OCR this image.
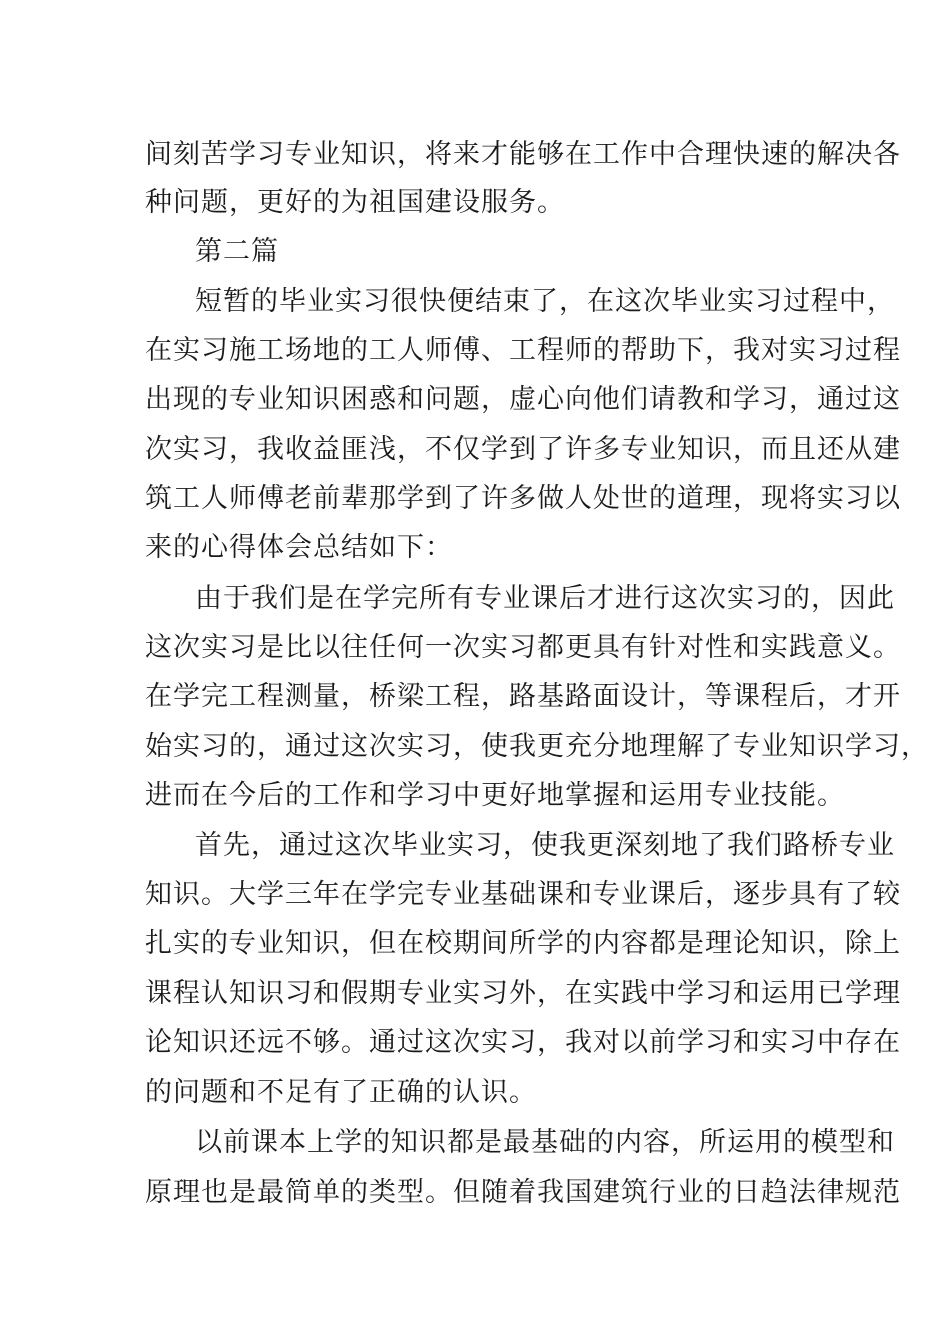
间刻苦学习专业知识，将来才能够在工作中合理快速的解决各
种问题，更好的为祖国建设服务。
第二篇
短暂的毕业实习很快便结束了，在这次毕业实习过程中，
在实习施工场地的工人师傅、工程师的帮助下，我对实习过程
出现的专业知识困惑和问题，虚心向他们请教和学习，通过这
次实习，我收益匪浅，不仅学到了许多专业知识，而且还从建
筑工人师傅老前辈那学到了许多做人处世的道理，现将实习以
来的心得体会总结如下：
由于我们是在学完所有专业课后才进行这次实习的，因此
这次实习是比以往任何一次实习都更具有针对性和实践意义。
在学完工程测量，桥梁工程，路基路面设计，等课程后，才开
始实习的，通过这次实习，使我更充分地理解了专业知识学习，
进而在今后的工作和学习中更好地掌握和运用专业技能。
首先，通过这次毕业实习，使我更深刻地了我们路桥专业
知识。大学三年在学完专业基础课和专业课后，逐步具有了较
扎实的专业知识，但在校期间所学的内容都是理论知识，除上
课程认知识习和假期专业实习外，在实践中学习和运用已学理
论知识还远不够。通过这次实习，我对以前学习和实习中存在
的问题和不足有了正确的认识。
以前课本上学的知识都是最基础的内容，所运用的模型和
原理也是最简单的类型。但随着我国建筑行业的日趋法律规范
